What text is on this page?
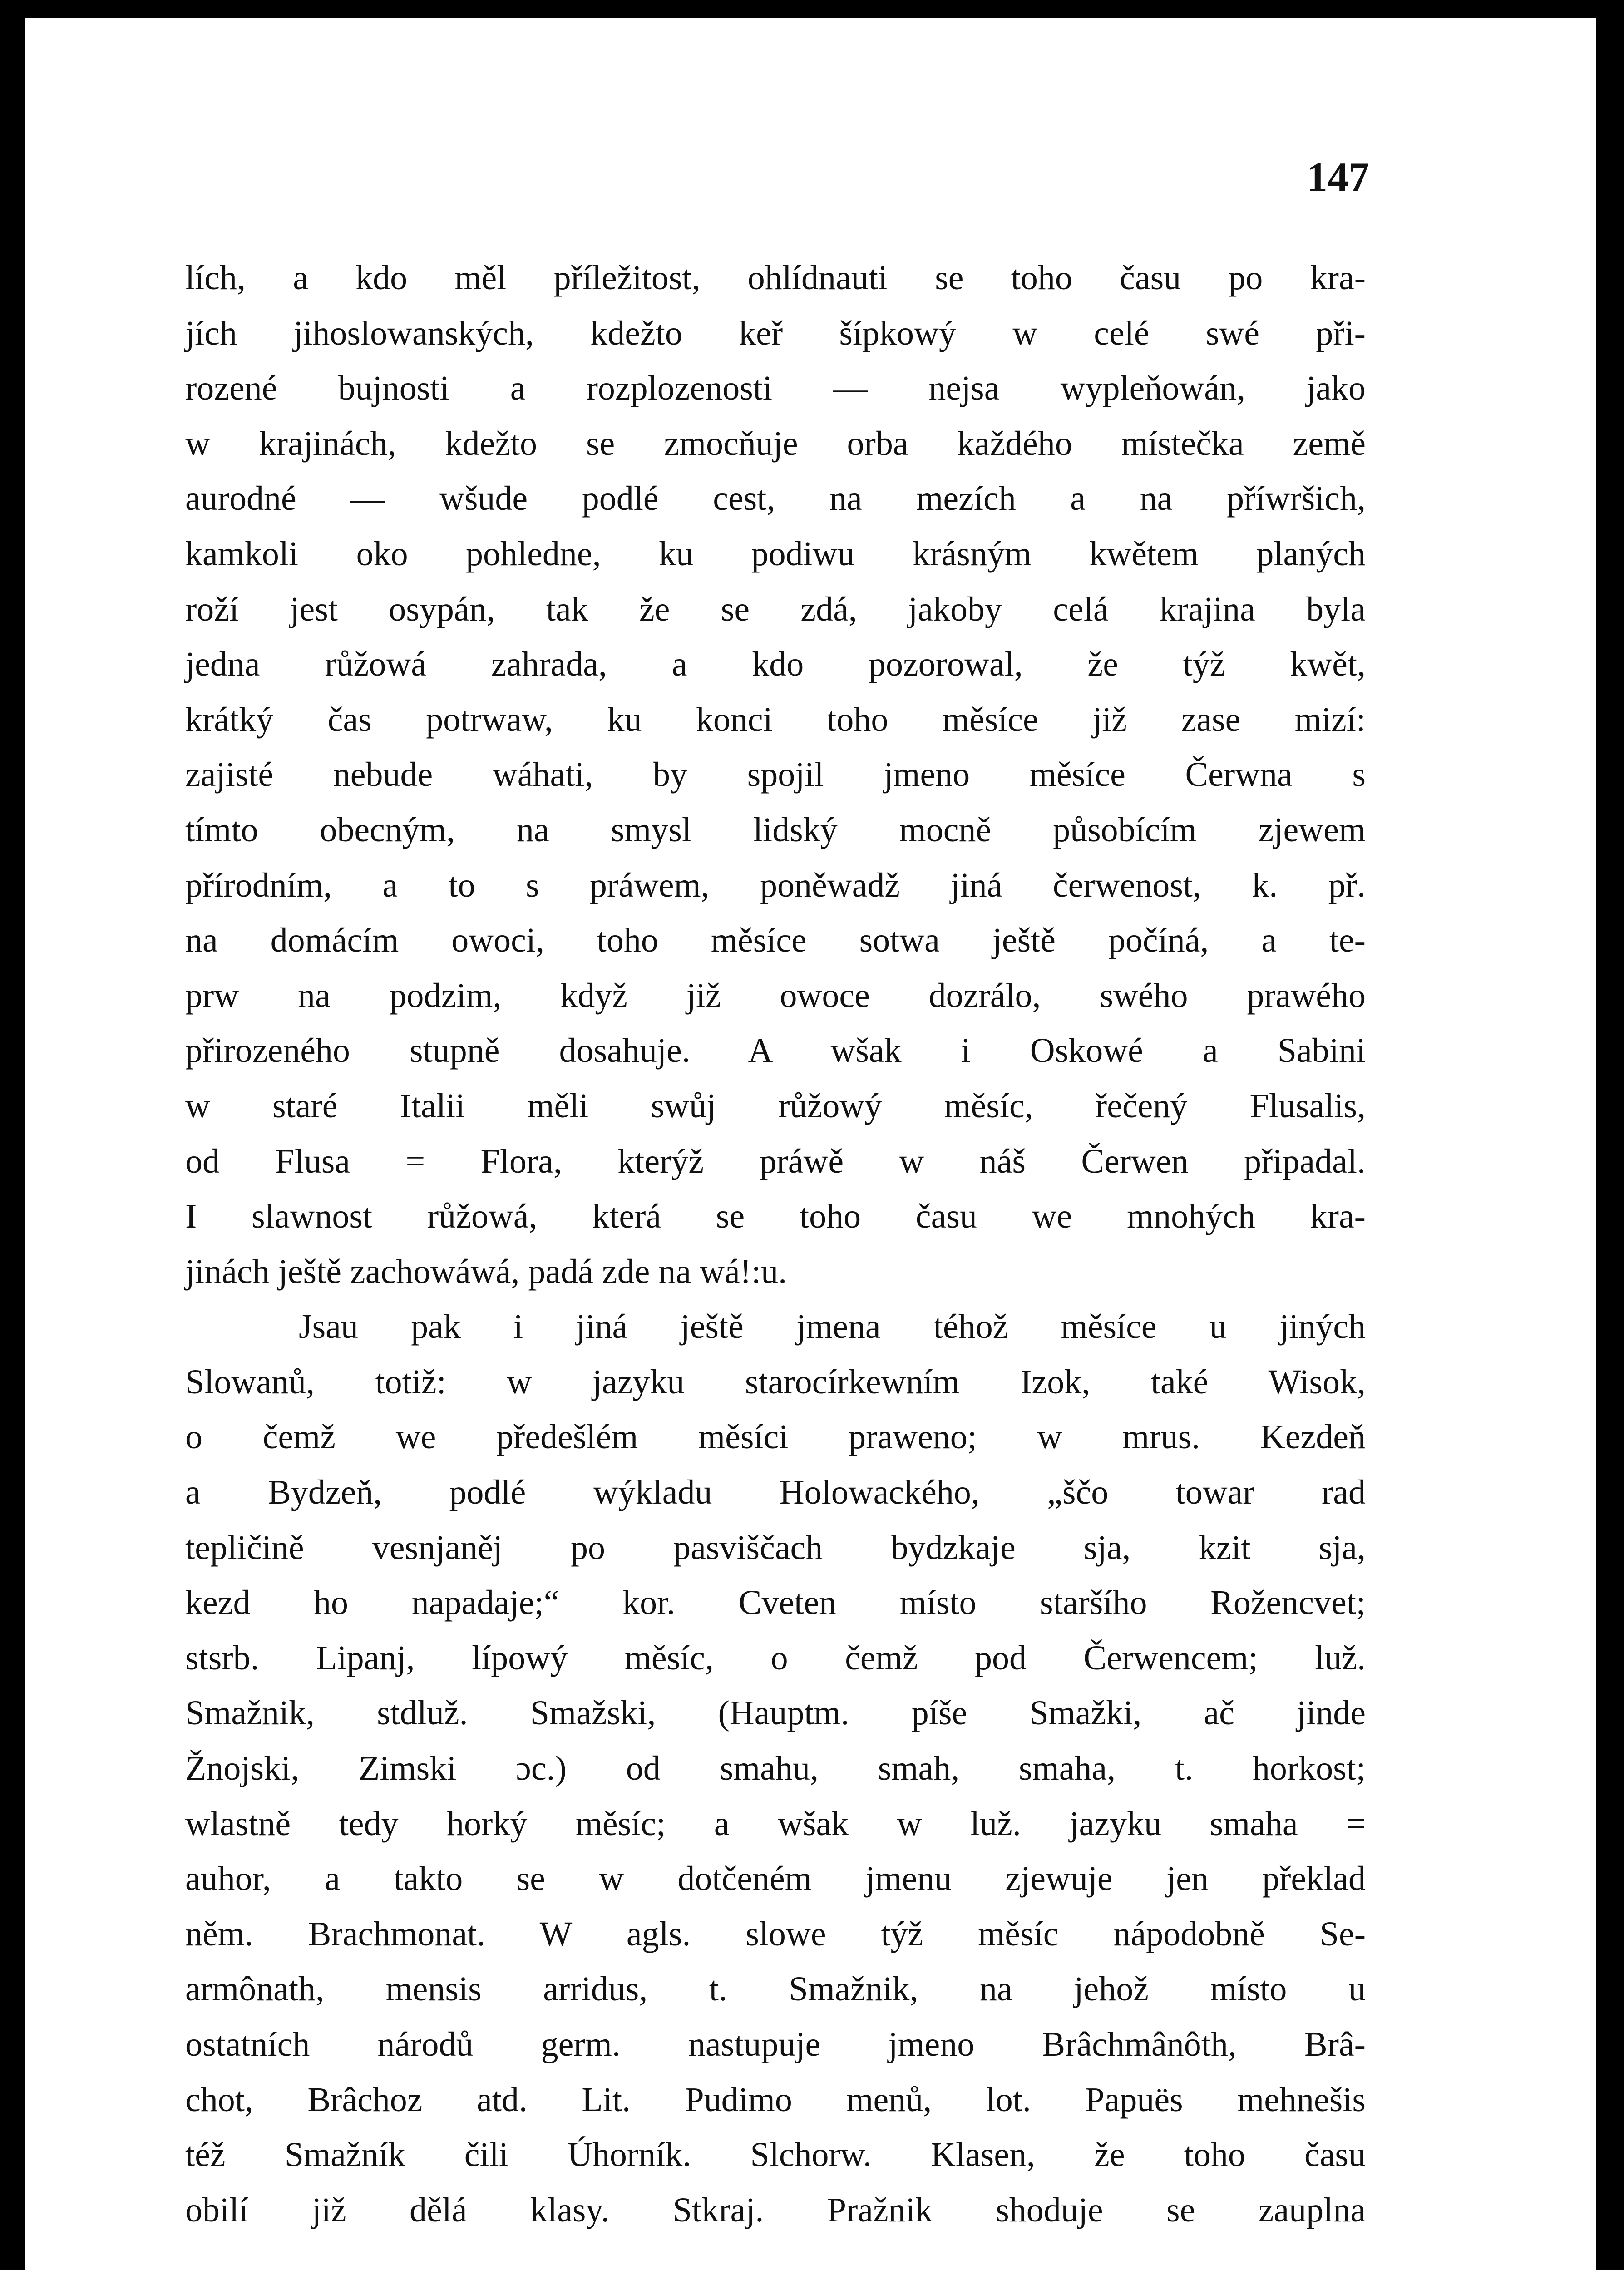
147
lích, a kdo měl příležitost, ohlídnauti se toho času po kra-
jích jihoslowanských, kdežto keř šípkowý w celé swé při-
rozené bujnosti a rozplozenosti — nejsa wypleňowán, jako
w krajinách, kdežto se zmocňuje orba každého místečka země
aurodné — wšude podlé cest, na mezích a na příwršich,
kamkoli oko pohledne, ku podiwu krásným kwětem planých
roží jest osypán, tak že se zdá, jakoby celá krajina byla
jedna růžowá zahrada, a kdo pozorowal, že týž kwět,
krátký čas potrwaw, ku konci toho měsíce již zase mizí:
zajisté nebude wáhati, by spojil jmeno měsíce Čerwna s
tímto obecným, na smysl lidský mocně působícím zjewem
přírodním, a to s práwem, poněwadž jiná čerwenost, k. př.
na domácím owoci, toho měsíce sotwa ještě počíná, a te-
prw na podzim, když již owoce dozrálo, swého prawého
přirozeného stupně dosahuje. A wšak i Oskowé a Sabini
w staré Italii měli swůj růžowý měsíc, řečený Flusalis,
od Flusa = Flora, kterýž práwě w náš Čerwen připadal.
I slawnost růžowá, která se toho času we mnohých kra-
jinách ještě zachowáwá, padá zde na wá!:u.
Jsau pak i jiná ještě jmena téhož měsíce u jiných
Slowanů, totiž: w jazyku starocírkewním Izok, také Wisok,
o čemž we předešlém měsíci praweno; w mrus. Kezdeň
a Bydzeň, podlé wýkladu Holowackého, „ščo towar rad
tepličině vesnjaněj po pasviščach bydzkaje sja, kzit sja,
kezd ho napadaje;“ kor. Cveten místo staršího Rožencvet;
stsrb. Lipanj, lípowý měsíc, o čemž pod Čerwencem; luž.
Smažnik, stdluž. Smažski, (Hauptm. píše Smažki, ač jinde
Žnojski, Zimski ɔc.) od smahu, smah, smaha, t. horkost;
wlastně tedy horký měsíc; a wšak w luž. jazyku smaha =
auhor, a takto se w dotčeném jmenu zjewuje jen překlad
něm. Brachmonat. W agls. slowe týž měsíc nápodobně Se-
armônath, mensis arridus, t. Smažnik, na jehož místo u
ostatních národů germ. nastupuje jmeno Brâchmânôth, Brâ-
chot, Brâchoz atd. Lit. Pudimo menů, lot. Papuës mehnešis
též Smažník čili Úhorník. Slchorw. Klasen, že toho času
obilí již dělá klasy. Stkraj. Pražnik shoduje se zauplna
